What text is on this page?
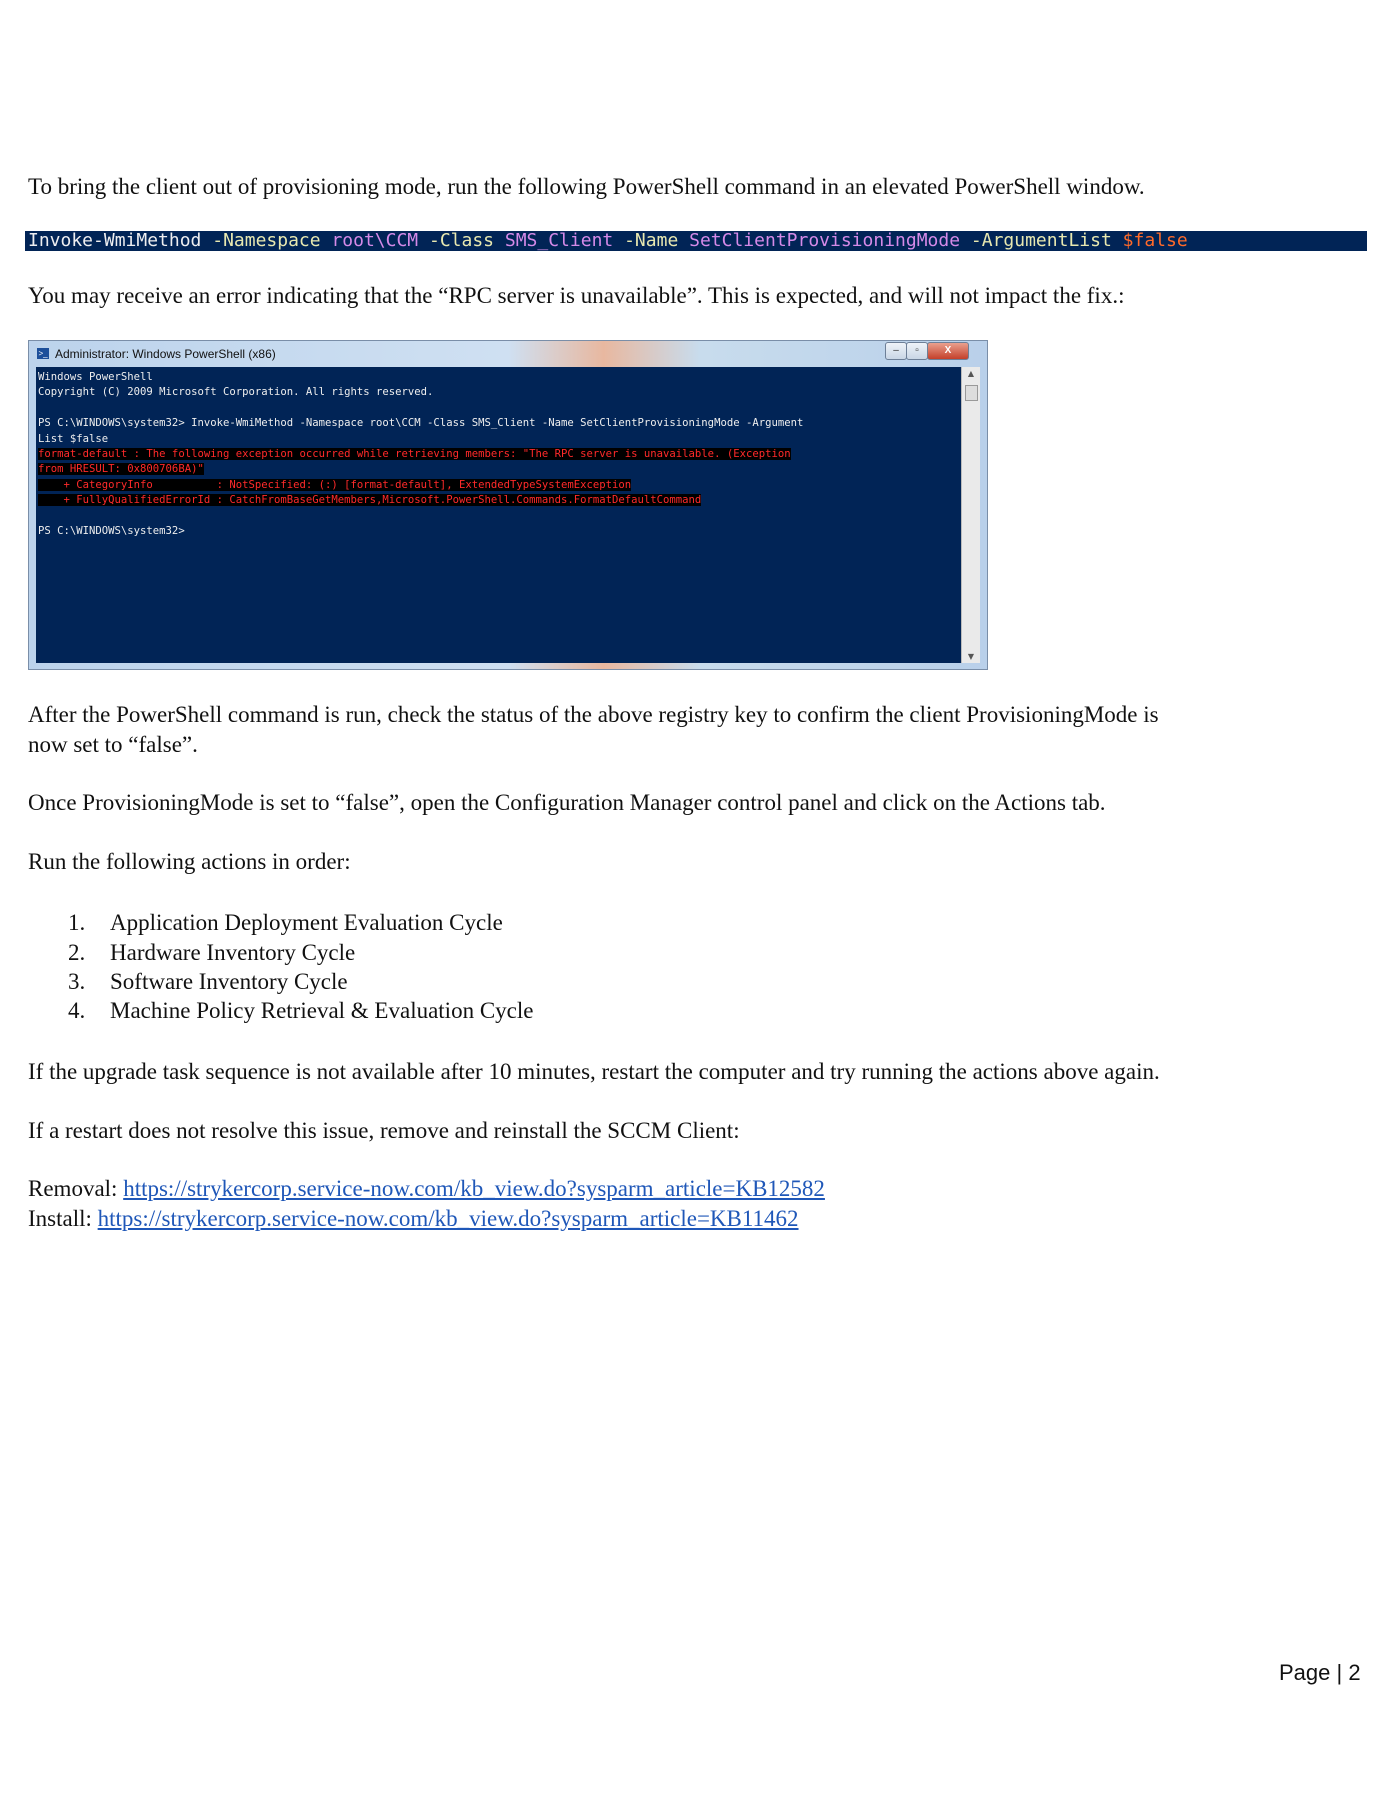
To bring the client out of provisioning mode, run the following PowerShell command in an elevated PowerShell window.
Invoke-WmiMethod -Namespace root\CCM -Class SMS_Client -Name SetClientProvisioningMode -ArgumentList $false
You may receive an error indicating that the “RPC server is unavailable”. This is expected, and will not impact the fix.:
>_ Administrator: Windows PowerShell (x86)	–	▫	X
Windows PowerShell
Copyright (C) 2009 Microsoft Corporation. All rights reserved.
PS C:\WINDOWS\system32> Invoke-WmiMethod -Namespace root\CCM -Class SMS_Client -Name SetClientProvisioningMode -Argument
List $false
format-default : The following exception occurred while retrieving members: "The RPC server is unavailable. (Exception
from HRESULT: 0x800706BA)"
+ CategoryInfo          : NotSpecified: (:) [format-default], ExtendedTypeSystemException
+ FullyQualifiedErrorId : CatchFromBaseGetMembers,Microsoft.PowerShell.Commands.FormatDefaultCommand
PS C:\WINDOWS\system32>
▲
▼
After the PowerShell command is run, check the status of the above registry key to confirm the client ProvisioningMode is
now set to “false”.
Once ProvisioningMode is set to “false”, open the Configuration Manager control panel and click on the Actions tab.
Run the following actions in order:
1. Application Deployment Evaluation Cycle
2. Hardware Inventory Cycle
3. Software Inventory Cycle
4. Machine Policy Retrieval & Evaluation Cycle
If the upgrade task sequence is not available after 10 minutes, restart the computer and try running the actions above again.
If a restart does not resolve this issue, remove and reinstall the SCCM Client:
Removal: https://strykercorp.service-now.com/kb_view.do?sysparm_article=KB12582
Install: https://strykercorp.service-now.com/kb_view.do?sysparm_article=KB11462
Page | 2
